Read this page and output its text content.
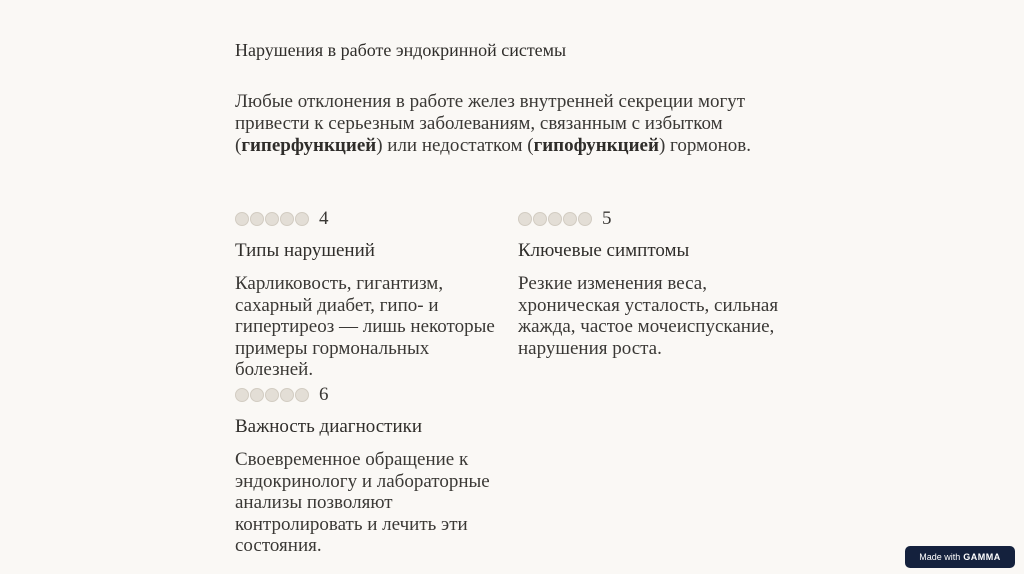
Нарушения в работе эндокринной системы

Любые отклонения в работе желез внутренней секреции могут привести к серьезным заболеваниям, связанным с избытком (гиперфункцией) или недостатком (гипофункцией) гормонов.

4
Типы нарушений

Карликовость, гигантизм, сахарный диабет, гипо- и гипертиреоз — лишь некоторые примеры гормональных болезней.

5
Ключевые симптомы

Резкие изменения веса, хроническая усталость, сильная жажда, частое мочеиспускание, нарушения роста.

6
Важность диагностики

Своевременное обращение к эндокринологу и лабораторные анализы позволяют контролировать и лечить эти состояния.

Made with GAMMA
